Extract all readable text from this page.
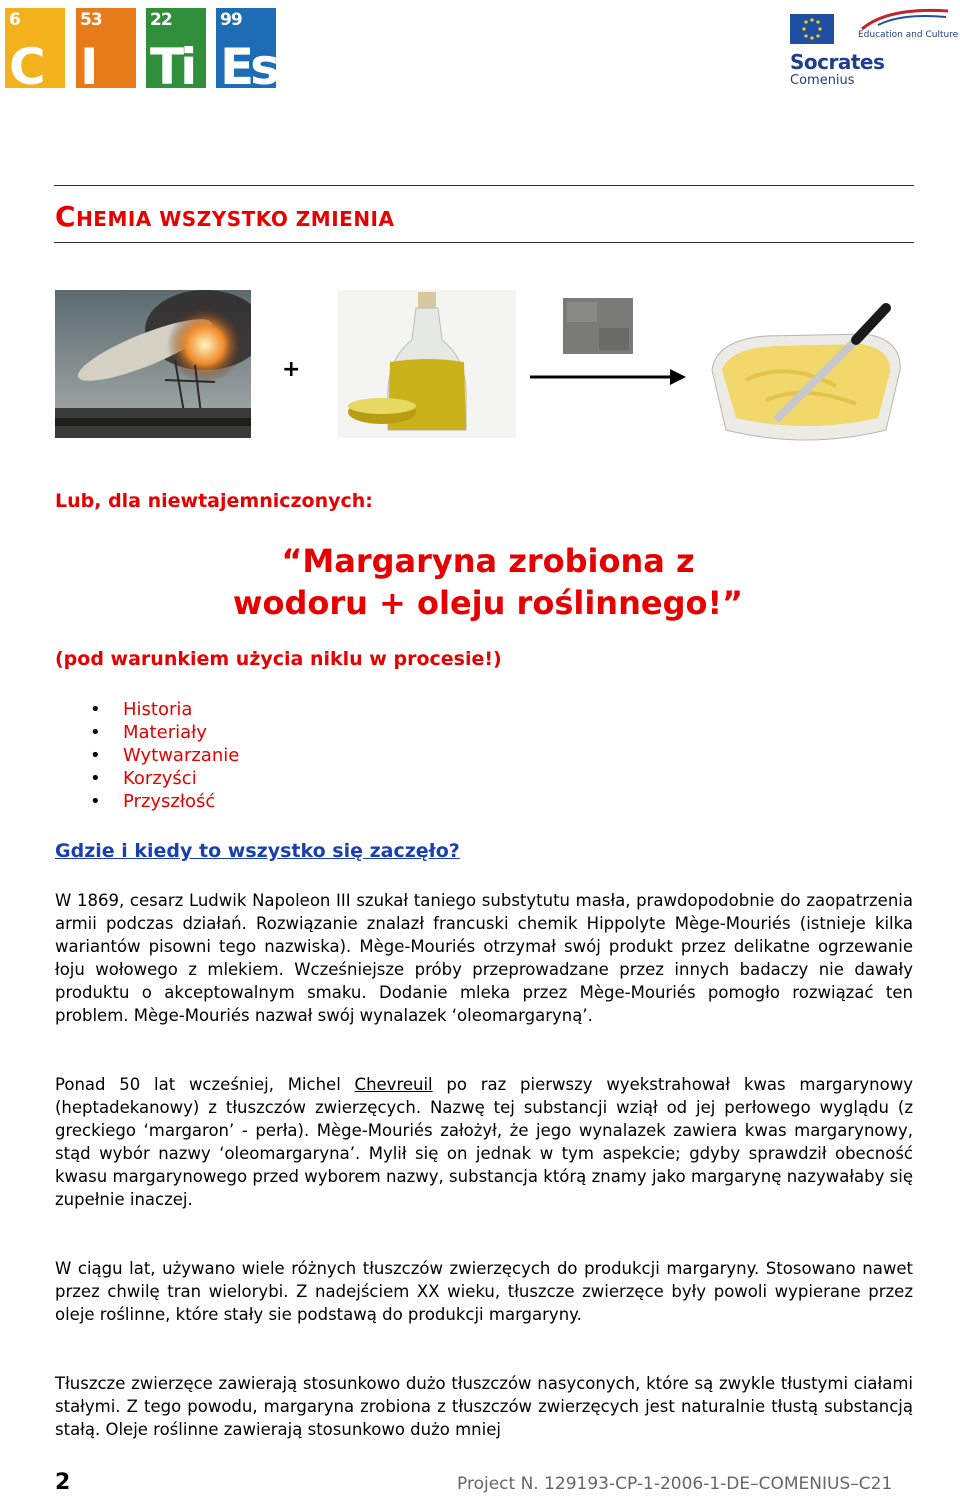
6
C
53
I
22
Ti
99
Es
Education and Culture
Socrates
Comenius
CHEMIA WSZYSTKO ZMIENIA
+
Lub, dla niewtajemniczonych:
“Margaryna zrobiona z
wodoru + oleju roślinnego!”
(pod warunkiem użycia niklu w procesie!)
• Historia
• Materiały
• Wytwarzanie
• Korzyści
• Przyszłość
Gdzie i kiedy to wszystko się zaczęło?
W 1869, cesarz Ludwik Napoleon III szukał taniego substytutu masła, prawdopodobnie do zaopatrzenia armii podczas działań. Rozwiązanie znalazł francuski chemik Hippolyte Mège-Mouriés (istnieje kilka wariantów pisowni tego nazwiska). Mège-Mouriés otrzymał swój produkt przez delikatne ogrzewanie łoju wołowego z mlekiem. Wcześniejsze próby przeprowadzane przez innych badaczy nie dawały produktu o akceptowalnym smaku. Dodanie mleka przez Mège-Mouriés pomogło rozwiązać ten problem. Mège-Mouriés nazwał swój wynalazek ‘oleomargaryną’.
Ponad 50 lat wcześniej, Michel Chevreuil po raz pierwszy wyekstrahował kwas margarynowy (heptadekanowy) z tłuszczów zwierzęcych. Nazwę tej substancji wziął od jej perłowego wyglądu (z greckiego ‘margaron’ - perła). Mège-Mouriés założył, że jego wynalazek zawiera kwas margarynowy, stąd wybór nazwy ‘oleomargaryna’. Mylił się on jednak w tym aspekcie; gdyby sprawdził obecność kwasu margarynowego przed wyborem nazwy, substancja którą znamy jako margarynę nazywałaby się zupełnie inaczej.
W ciągu lat, używano wiele różnych tłuszczów zwierzęcych do produkcji margaryny. Stosowano nawet przez chwilę tran wielorybi. Z nadejściem XX wieku, tłuszcze zwierzęce były powoli wypierane przez oleje roślinne, które stały sie podstawą do produkcji margaryny.
Tłuszcze zwierzęce zawierają stosunkowo dużo tłuszczów nasyconych, które są zwykle tłustymi ciałami stałymi. Z tego powodu, margaryna zrobiona z tłuszczów zwierzęcych jest naturalnie tłustą substancją stałą. Oleje roślinne zawierają stosunkowo dużo mniej
2	Project N. 129193-CP-1-2006-1-DE–COMENIUS–C21
